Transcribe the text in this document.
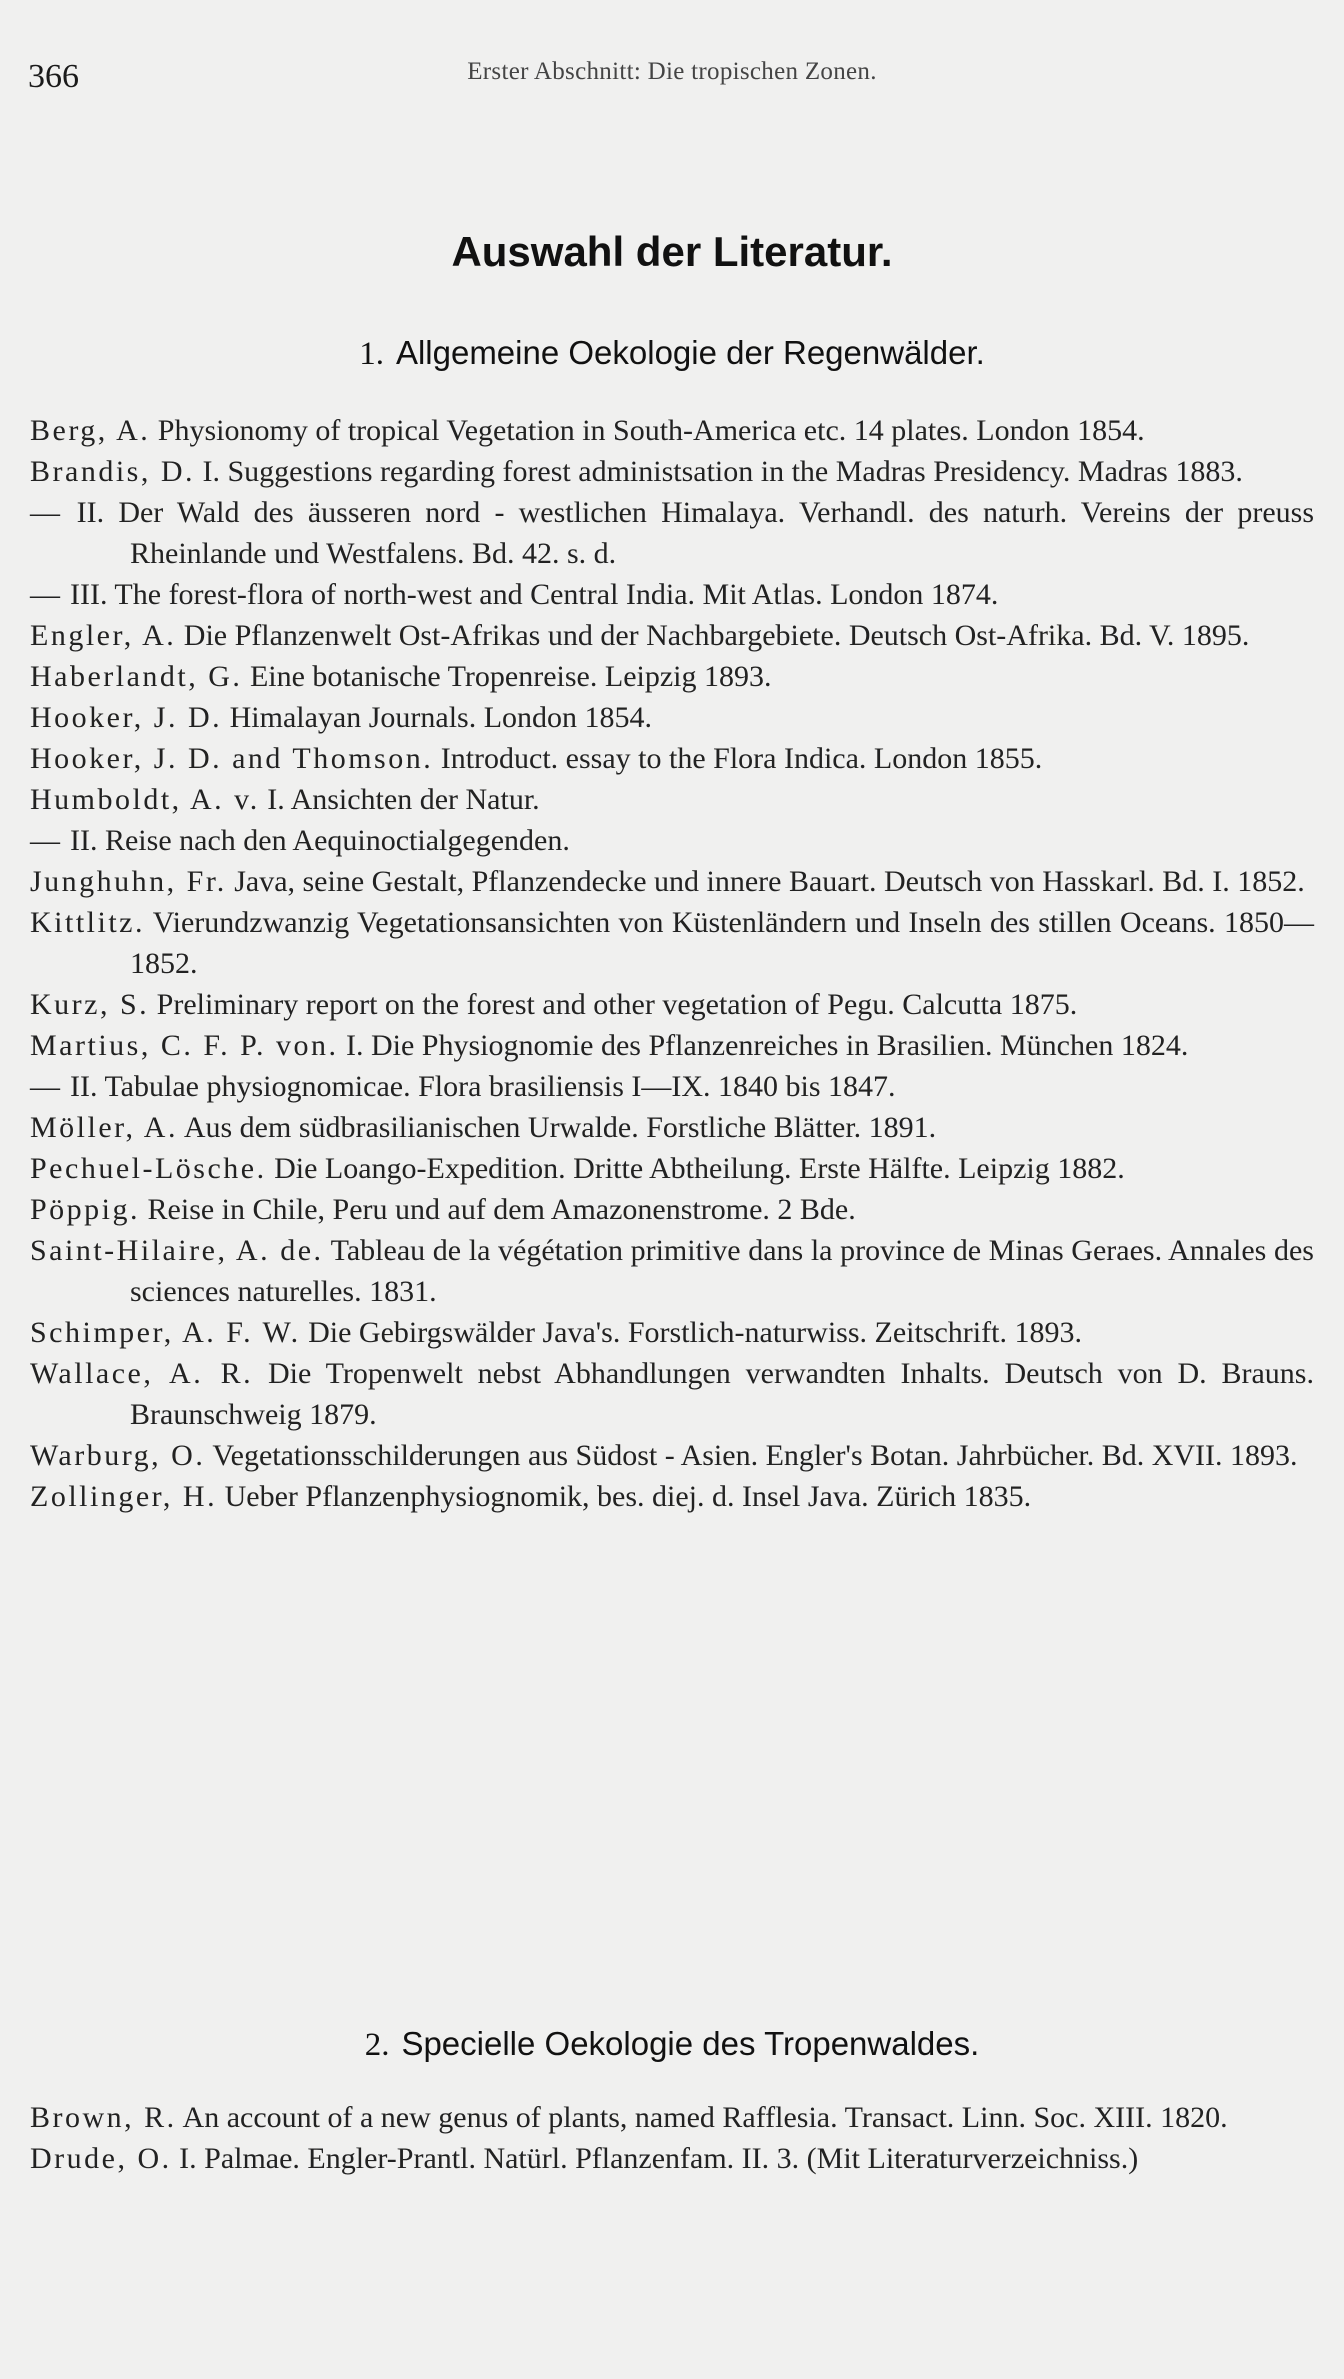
366	Erster Abschnitt: Die tropischen Zonen.
Auswahl der Literatur.
1. Allgemeine Oekologie der Regenwälder.
Berg, A. Physionomy of tropical Vegetation in South-America etc. 14 plates. London 1854.
Brandis, D. I. Suggestions regarding forest administsation in the Madras Presidency. Madras 1883.
— II. Der Wald des äusseren nord - westlichen Himalaya. Verhandl. des naturh. Vereins der preuss Rheinlande und Westfalens. Bd. 42. s. d.
— III. The forest-flora of north-west and Central India. Mit Atlas. London 1874.
Engler, A. Die Pflanzenwelt Ost-Afrikas und der Nachbargebiete. Deutsch Ost-Afrika. Bd. V. 1895.
Haberlandt, G. Eine botanische Tropenreise. Leipzig 1893.
Hooker, J. D. Himalayan Journals. London 1854.
Hooker, J. D. and Thomson. Introduct. essay to the Flora Indica. London 1855.
Humboldt, A. v. I. Ansichten der Natur.
— II. Reise nach den Aequinoctialgegenden.
Junghuhn, Fr. Java, seine Gestalt, Pflanzendecke und innere Bauart. Deutsch von Hasskarl. Bd. I. 1852.
Kittlitz. Vierundzwanzig Vegetationsansichten von Küstenländern und Inseln des stillen Oceans. 1850—1852.
Kurz, S. Preliminary report on the forest and other vegetation of Pegu. Calcutta 1875.
Martius, C. F. P. von. I. Die Physiognomie des Pflanzenreiches in Brasilien. München 1824.
— II. Tabulae physiognomicae. Flora brasiliensis I—IX. 1840 bis 1847.
Möller, A. Aus dem südbrasilianischen Urwalde. Forstliche Blätter. 1891.
Pechuel-Lösche. Die Loango-Expedition. Dritte Abtheilung. Erste Hälfte. Leipzig 1882.
Pöppig. Reise in Chile, Peru und auf dem Amazonenstrome. 2 Bde.
Saint-Hilaire, A. de. Tableau de la végétation primitive dans la province de Minas Geraes. Annales des sciences naturelles. 1831.
Schimper, A. F. W. Die Gebirgswälder Java's. Forstlich-naturwiss. Zeitschrift. 1893.
Wallace, A. R. Die Tropenwelt nebst Abhandlungen verwandten Inhalts. Deutsch von D. Brauns. Braunschweig 1879.
Warburg, O. Vegetationsschilderungen aus Südost - Asien. Engler's Botan. Jahrbücher. Bd. XVII. 1893.
Zollinger, H. Ueber Pflanzenphysiognomik, bes. diej. d. Insel Java. Zürich 1835.
2. Specielle Oekologie des Tropenwaldes.
Brown, R. An account of a new genus of plants, named Rafflesia. Transact. Linn. Soc. XIII. 1820.
Drude, O. I. Palmae. Engler-Prantl. Natürl. Pflanzenfam. II. 3. (Mit Literaturverzeichniss.)
